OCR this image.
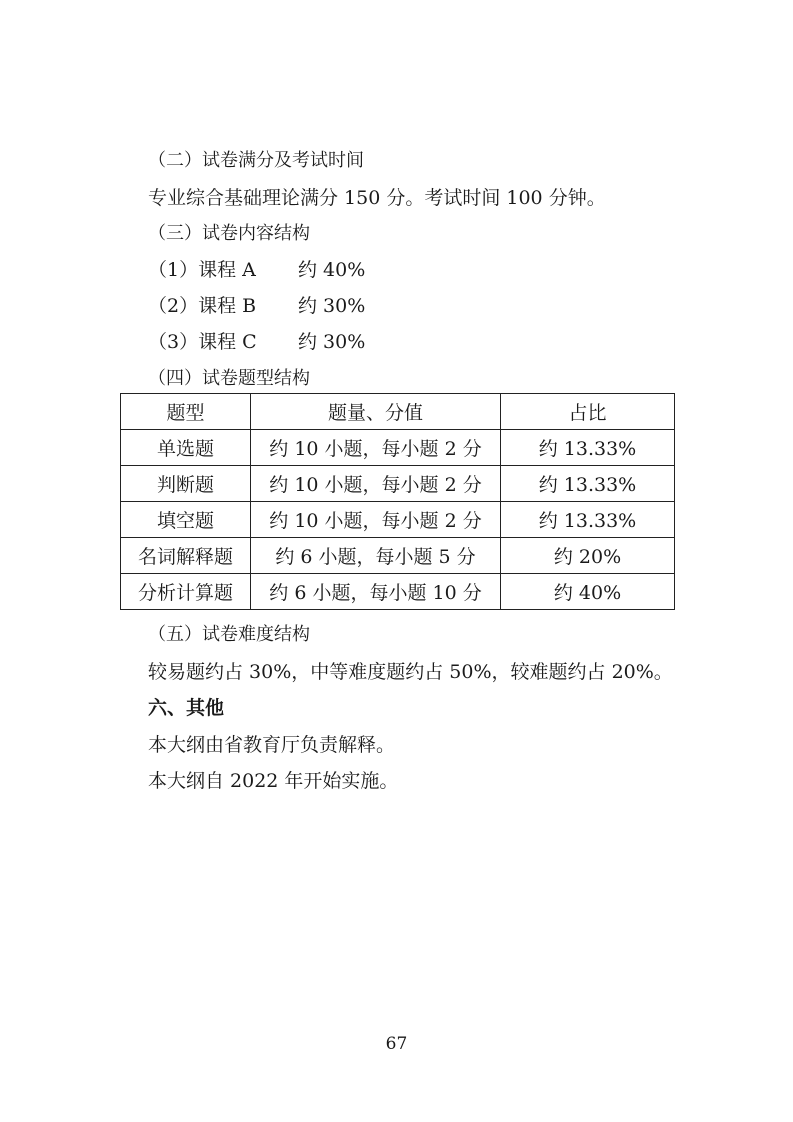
（二）试卷满分及考试时间
专业综合基础理论满分 150 分。考试时间 100 分钟。
（三）试卷内容结构
（1）课程 A 约 40%
（2）课程 B 约 30%
（3）课程 C 约 30%
（四）试卷题型结构
题型	题量、分值	占比
单选题	约 10 小题，每小题 2 分	约 13.33%
判断题	约 10 小题，每小题 2 分	约 13.33%
填空题	约 10 小题，每小题 2 分	约 13.33%
名词解释题	约 6 小题，每小题 5 分	约 20%
分析计算题	约 6 小题，每小题 10 分	约 40%
（五）试卷难度结构
较易题约占 30%，中等难度题约占 50%，较难题约占 20%。
六、其他
本大纲由省教育厅负责解释。
本大纲自 2022 年开始实施。
67
